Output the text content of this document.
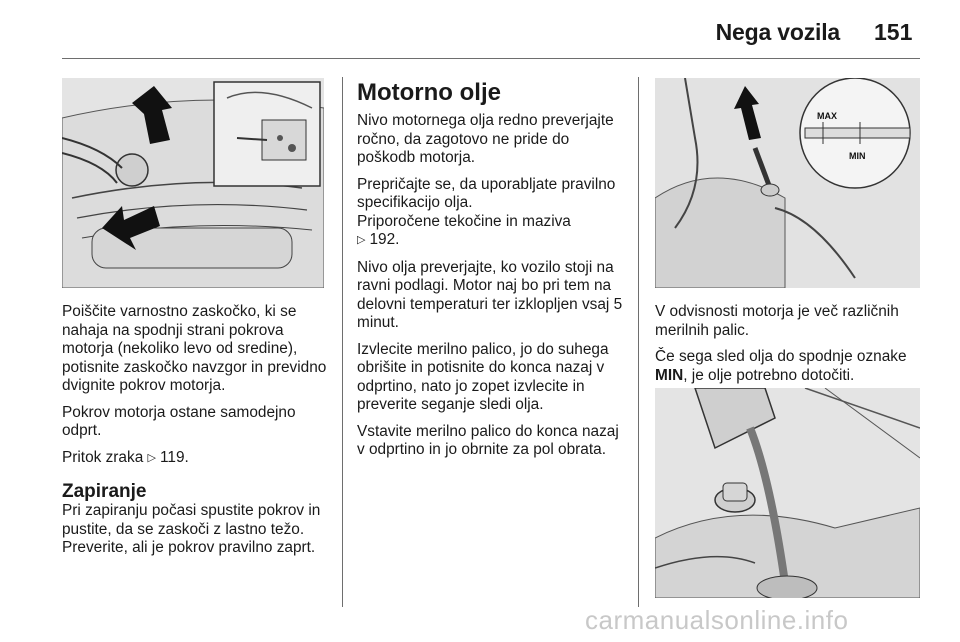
Nega vozila 151

Poiščite varnostno zaskočko, ki se nahaja na spodnji strani pokrova motorja (nekoliko levo od sredine), potisnite zaskočko navzgor in previdno dvignite pokrov motorja.

Pokrov motorja ostane samodejno odprt.

Pritok zraka ▷ 119.

Zapiranje

Pri zapiranju počasi spustite pokrov in pustite, da se zaskoči z lastno težo. Preverite, ali je pokrov pravilno zaprt.

Motorno olje

Nivo motornega olja redno preverjajte ročno, da zagotovo ne pride do poškodb motorja.

Prepričajte se, da uporabljate pravilno specifikacijo olja.
Priporočene tekočine in maziva
▷ 192.

Nivo olja preverjajte, ko vozilo stoji na ravni podlagi. Motor naj bo pri tem na delovni temperaturi ter izklopljen vsaj 5 minut.

Izvlecite merilno palico, jo do suhega obrišite in potisnite do konca nazaj v odprtino, nato jo zopet izvlecite in preverite seganje sledi olja.

Vstavite merilno palico do konca nazaj v odprtino in jo obrnite za pol obrata.

MAX
MIN

V odvisnosti motorja je več različnih merilnih palic.

Če sega sled olja do spodnje oznake MIN, je olje potrebno dotočiti.

carmanualsonline.info
